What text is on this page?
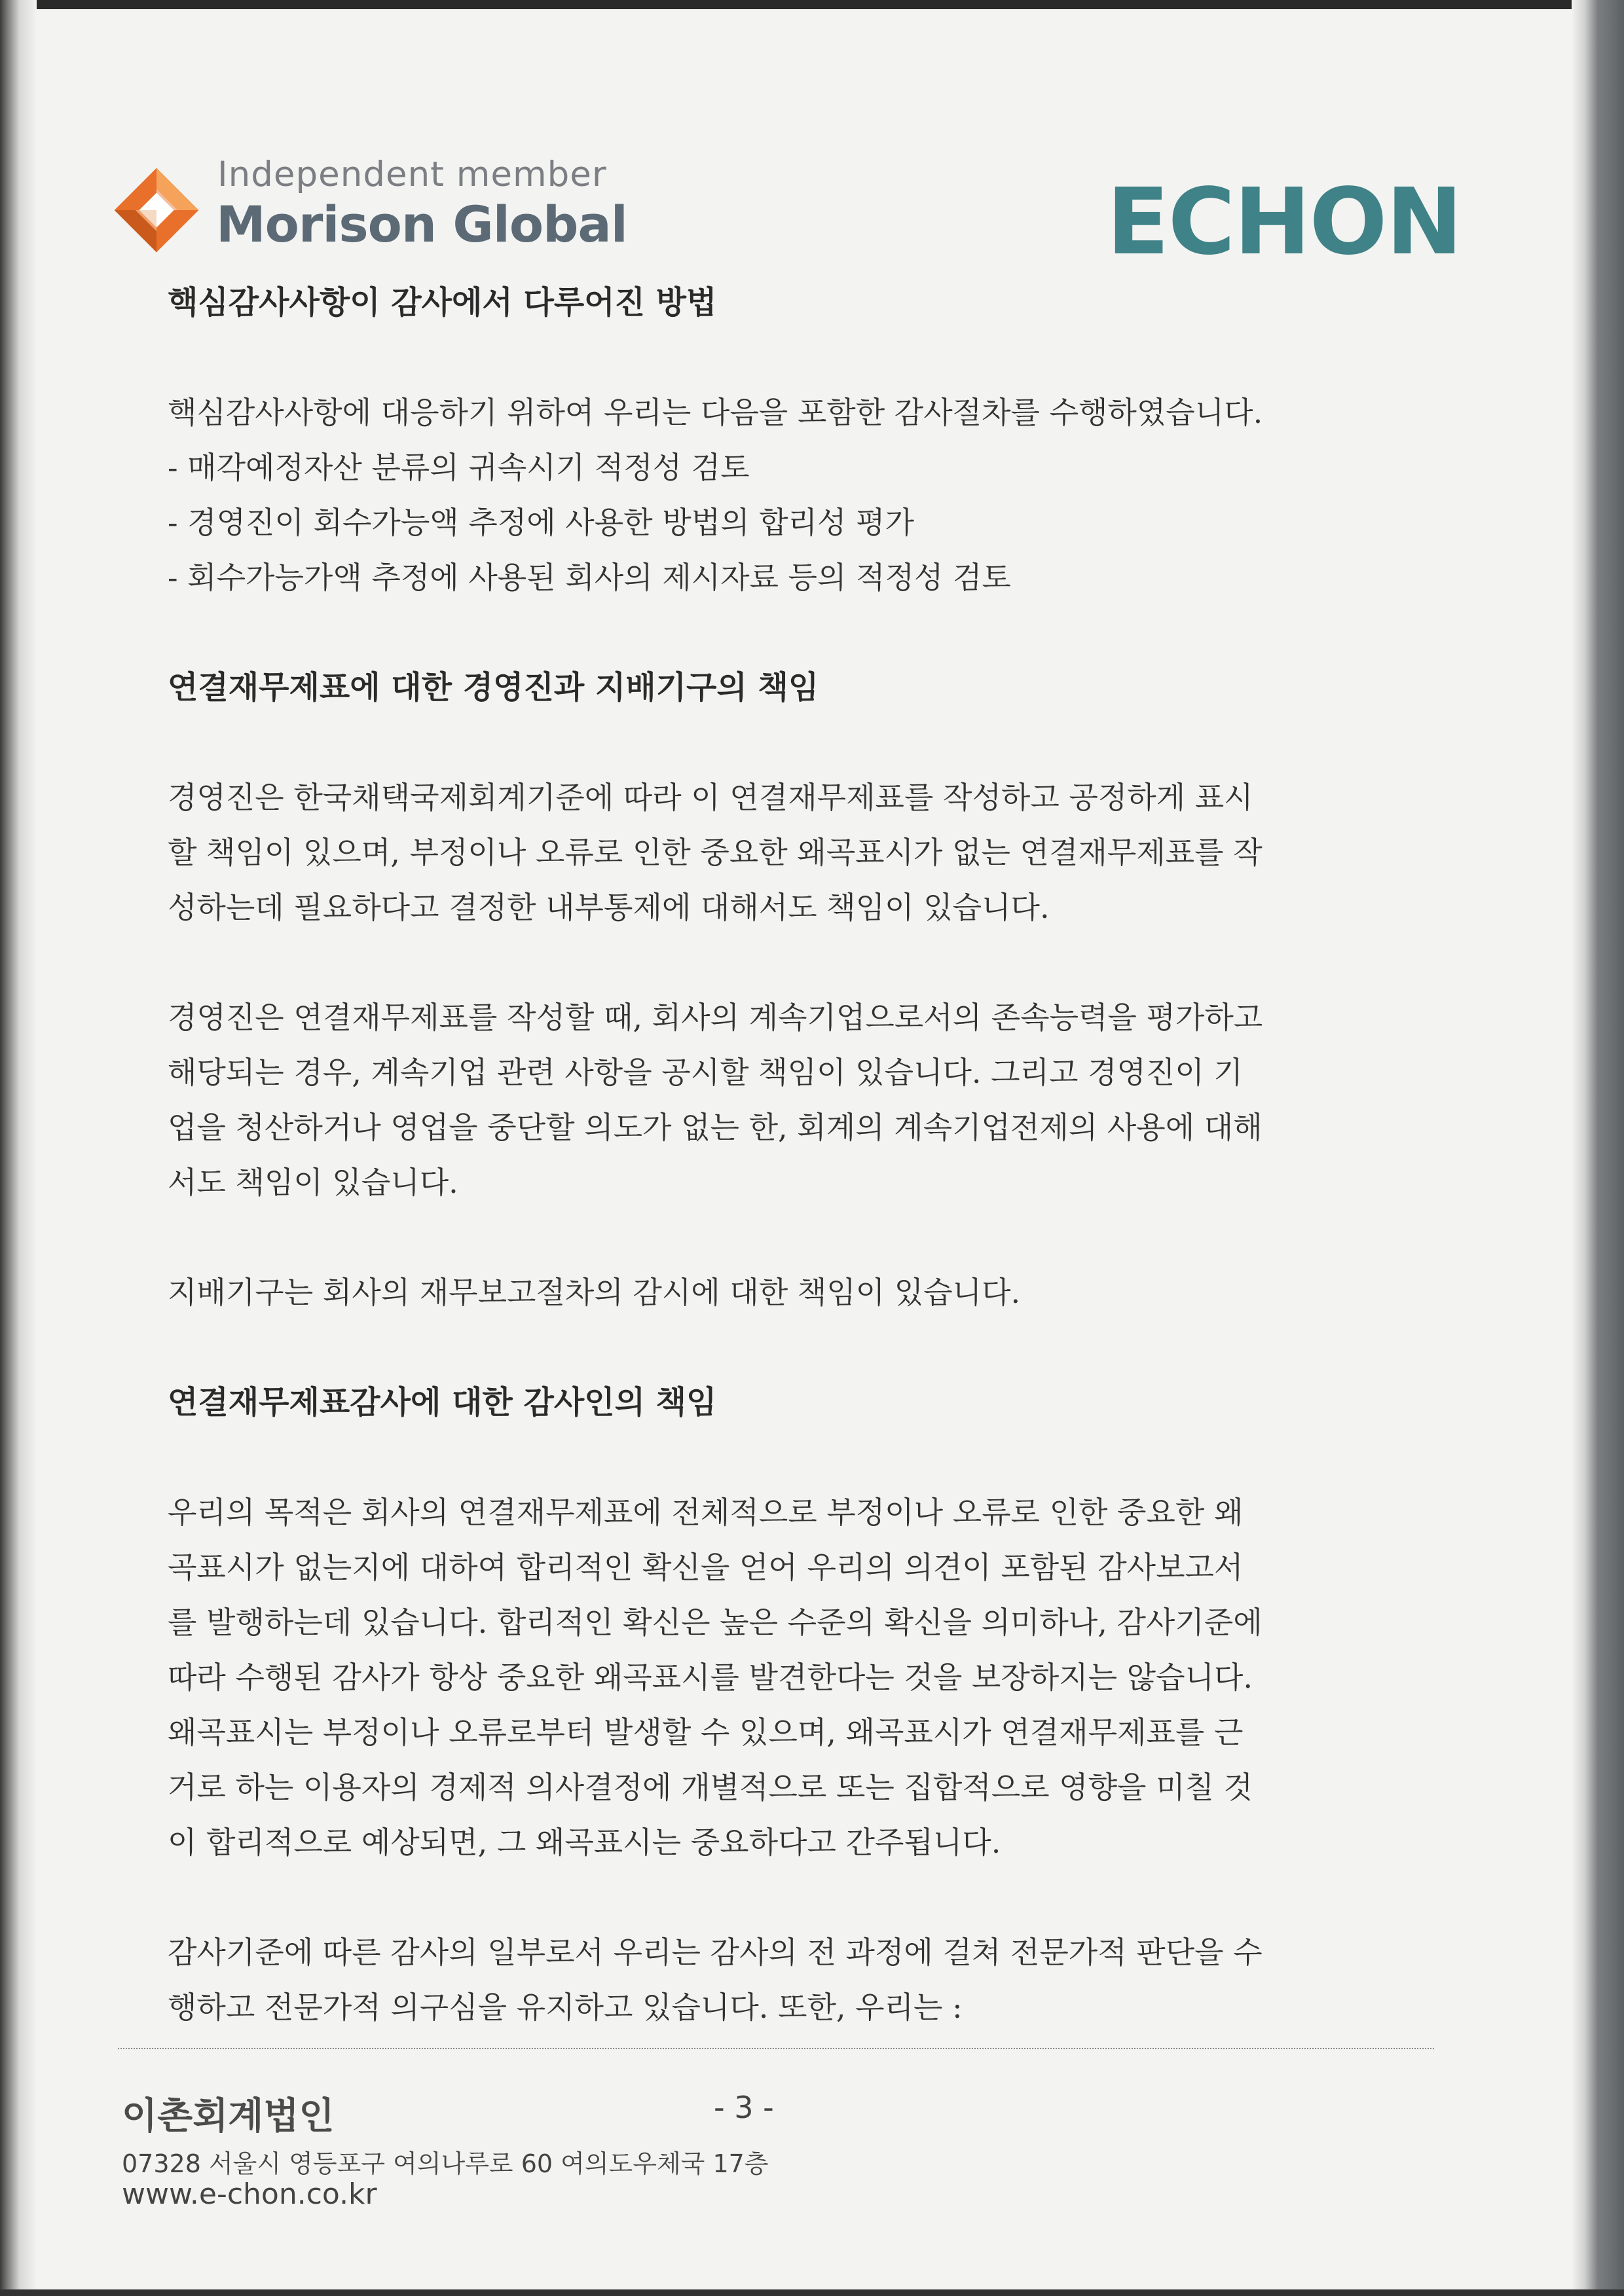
Independent member
Morison Global	ECHON
핵심감사사항이 감사에서 다루어진 방법

핵심감사사항에 대응하기 위하여 우리는 다음을 포함한 감사절차를 수행하였습니다.
- 매각예정자산 분류의 귀속시기 적정성 검토
- 경영진이 회수가능액 추정에 사용한 방법의 합리성 평가
- 회수가능가액 추정에 사용된 회사의 제시자료 등의 적정성 검토

연결재무제표에 대한 경영진과 지배기구의 책임

경영진은 한국채택국제회계기준에 따라 이 연결재무제표를 작성하고 공정하게 표시
할 책임이 있으며, 부정이나 오류로 인한 중요한 왜곡표시가 없는 연결재무제표를 작
성하는데 필요하다고 결정한 내부통제에 대해서도 책임이 있습니다.

경영진은 연결재무제표를 작성할 때, 회사의 계속기업으로서의 존속능력을 평가하고
해당되는 경우, 계속기업 관련 사항을 공시할 책임이 있습니다. 그리고 경영진이 기
업을 청산하거나 영업을 중단할 의도가 없는 한, 회계의 계속기업전제의 사용에 대해
서도 책임이 있습니다.

지배기구는 회사의 재무보고절차의 감시에 대한 책임이 있습니다.

연결재무제표감사에 대한 감사인의 책임

우리의 목적은 회사의 연결재무제표에 전체적으로 부정이나 오류로 인한 중요한 왜
곡표시가 없는지에 대하여 합리적인 확신을 얻어 우리의 의견이 포함된 감사보고서
를 발행하는데 있습니다. 합리적인 확신은 높은 수준의 확신을 의미하나, 감사기준에
따라 수행된 감사가 항상 중요한 왜곡표시를 발견한다는 것을 보장하지는 않습니다.
왜곡표시는 부정이나 오류로부터 발생할 수 있으며, 왜곡표시가 연결재무제표를 근
거로 하는 이용자의 경제적 의사결정에 개별적으로 또는 집합적으로 영향을 미칠 것
이 합리적으로 예상되면, 그 왜곡표시는 중요하다고 간주됩니다.

감사기준에 따른 감사의 일부로서 우리는 감사의 전 과정에 걸쳐 전문가적 판단을 수
행하고 전문가적 의구심을 유지하고 있습니다. 또한, 우리는 :

이촌회계법인	- 3 -
07328 서울시 영등포구 여의나루로 60 여의도우체국 17층
www.e-chon.co.kr
